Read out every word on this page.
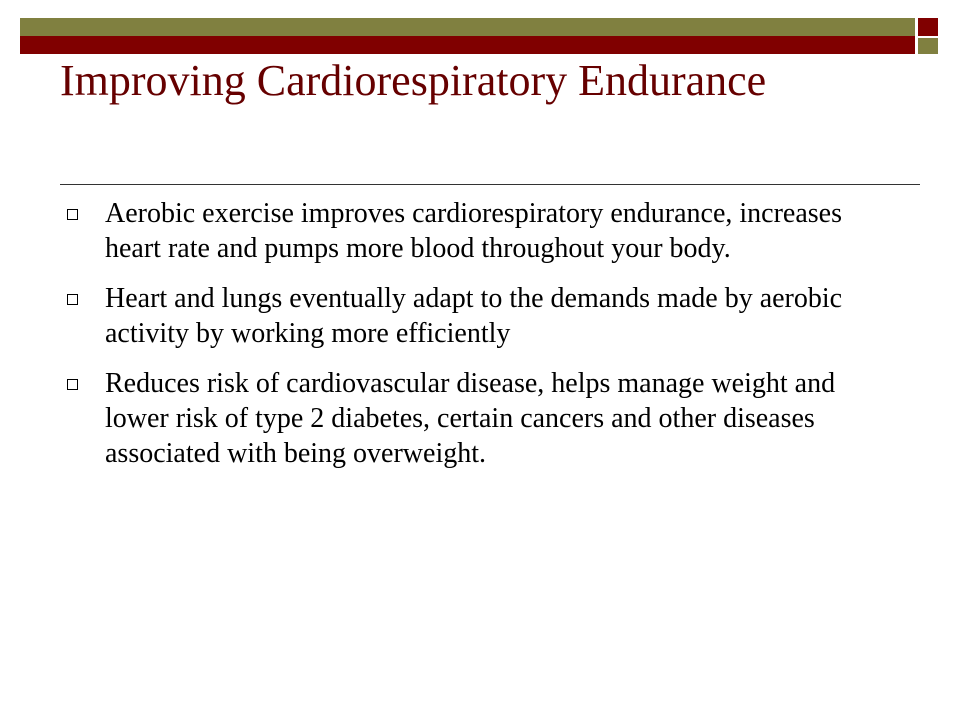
Improving Cardiorespiratory Endurance
Aerobic exercise improves cardiorespiratory endurance, increases heart rate and pumps more blood throughout your body.
Heart and lungs eventually adapt to the demands made by aerobic activity by working more efficiently
Reduces risk of cardiovascular disease, helps manage weight and lower risk of type 2 diabetes, certain cancers and other diseases associated with being overweight.
